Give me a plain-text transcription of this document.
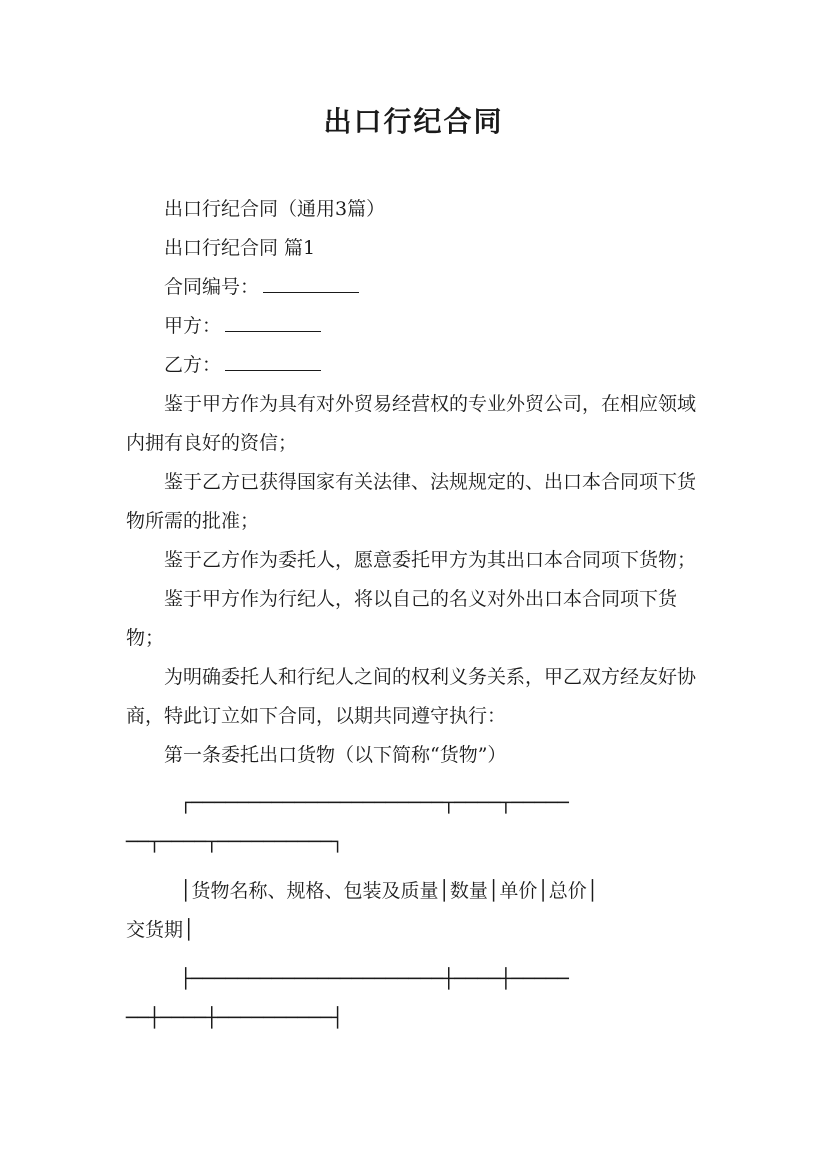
出口行纪合同

出口行纪合同（通用3篇）

出口行纪合同 篇1

合同编号：

甲方：

乙方：

鉴于甲方作为具有对外贸易经营权的专业外贸公司，在相应领域内拥有良好的资信；

鉴于乙方已获得国家有关法律、法规规定的、出口本合同项下货物所需的批准；

鉴于乙方作为委托人，愿意委托甲方为其出口本合同项下货物；

鉴于甲方作为行纪人，将以自己的名义对外出口本合同项下货物；

为明确委托人和行纪人之间的权利义务关系，甲乙双方经友好协商，特此订立如下合同，以期共同遵守执行：

第一条委托出口货物（以下简称“货物”）

┌──────────────────────┬────┬─────

──┬────┬──────────┐

│货物名称、规格、包装及质量│数量│单价│总价│

交货期│

├──────────────────────┼────┼─────

──┼────┼──────────┤
